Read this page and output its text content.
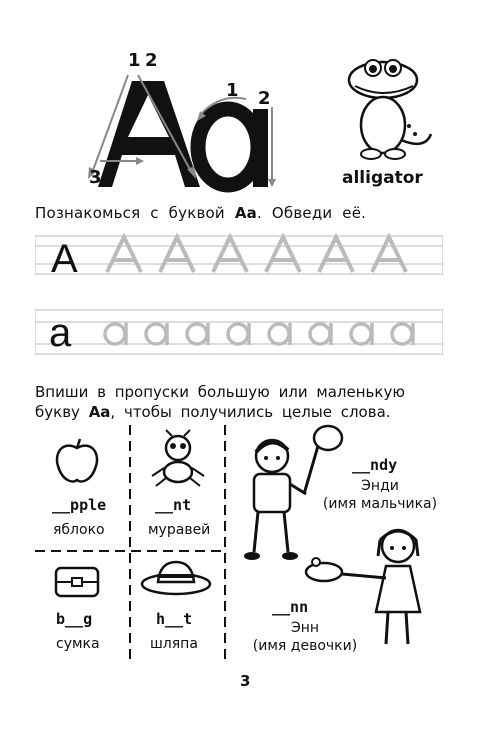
1 2
3
1 2
alligator
Познакомься с буквой Aa. Обведи её.
A
a
Впиши в пропуски большую или маленькую
букву Aa, чтобы получились целые слова.
__pple
яблоко
__nt
муравей
b__g
сумка
h__t
шляпа
__ndy
Энди
(имя мальчика)
__nn
Энн
(имя девочки)
3
